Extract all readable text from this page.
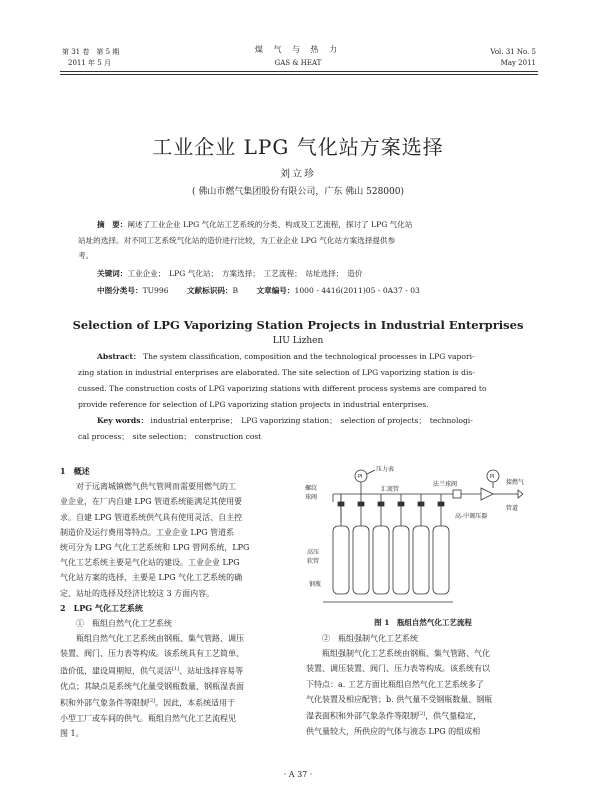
第 31 卷　第 5 期
2011 年 5 月
煤 气 与 热 力
GAS & HEAT
Vol. 31 No. 5
May 2011
工业企业 LPG 气化站方案选择
刘立珍
( 佛山市燃气集团股份有限公司，广东 佛山 528000)
摘　要：阐述了工业企业 LPG 气化站工艺系统的分类、构成及工艺流程，探讨了 LPG 气化站
站址的选择。对不同工艺系统气化站的造价进行比较，为工业企业 LPG 气化站方案选择提供参
考。
关键词：工业企业；　LPG 气化站；　方案选择；　工艺流程；　站址选择；　造价
中图分类号：TU996 文献标识码：B 文章编号：1000 - 4416(2011)05 - 0A37 - 03
Selection of LPG Vaporizing Station Projects in Industrial Enterprises
LIU Lizhen
Abstract： The system classification, composition and the technological processes in LPG vapori-
zing station in industrial enterprises are elaborated. The site selection of LPG vaporizing station is dis-
cussed. The construction costs of LPG vaporizing stations with different process systems are compared to
provide reference for selection of LPG vaporizing station projects in industrial enterprises.
Key words： industrial enterprise；　LPG vaporizing station；　selection of projects；　technologi-
cal process；　site selection；　construction cost
1　概述
对于远离城镇燃气供气管网而需要用燃气的工
业企业，在厂内自建 LPG 管道系统能满足其使用要
求。自建 LPG 管道系统供气具有使用灵活、自主控
制造价及运行费用等特点。工业企业 LPG 管道系
统可分为 LPG 气化工艺系统和 LPG 管网系统，LPG
气化工艺系统主要是气化站的建设。工业企业 LPG
气化站方案的选择，主要是 LPG 气化工艺系统的确
定、站址的选择及经济比较这 3 方面内容。
2　LPG 气化工艺系统
①　瓶组自然气化工艺系统
瓶组自然气化工艺系统由钢瓶、集气管路、调压
装置、阀门、压力表等构成。该系统具有工艺简单、
造价低、建设周期短，供气灵活[1]、站址选择容易等
优点；其缺点是系统气化量受钢瓶数量，钢瓶湿表面
积和外部气象条件等限制[2]。因此，本系统适用于
小型工厂或车间的供气。瓶组自然气化工艺流程见
图 1。
PI	PI
压力表
螺纹
球阀
汇流管
法兰球阀	接燃气
管道
高-中调压器
高压
软管
钢瓶
图 1　瓶组自然气化工艺流程
②　瓶组强制气化工艺系统
瓶组强制气化工艺系统由钢瓶、集气管路、气化
装置、调压装置、阀门、压力表等构成。该系统有以
下特点：a. 工艺方面比瓶组自然气化工艺系统多了
气化装置及相应配管；b. 供气量不受钢瓶数量、钢瓶
湿表面积和外部气象条件等限制[2]，供气量稳定，
供气量较大，所供应的气体与液态 LPG 的组成相
· A 37 ·
